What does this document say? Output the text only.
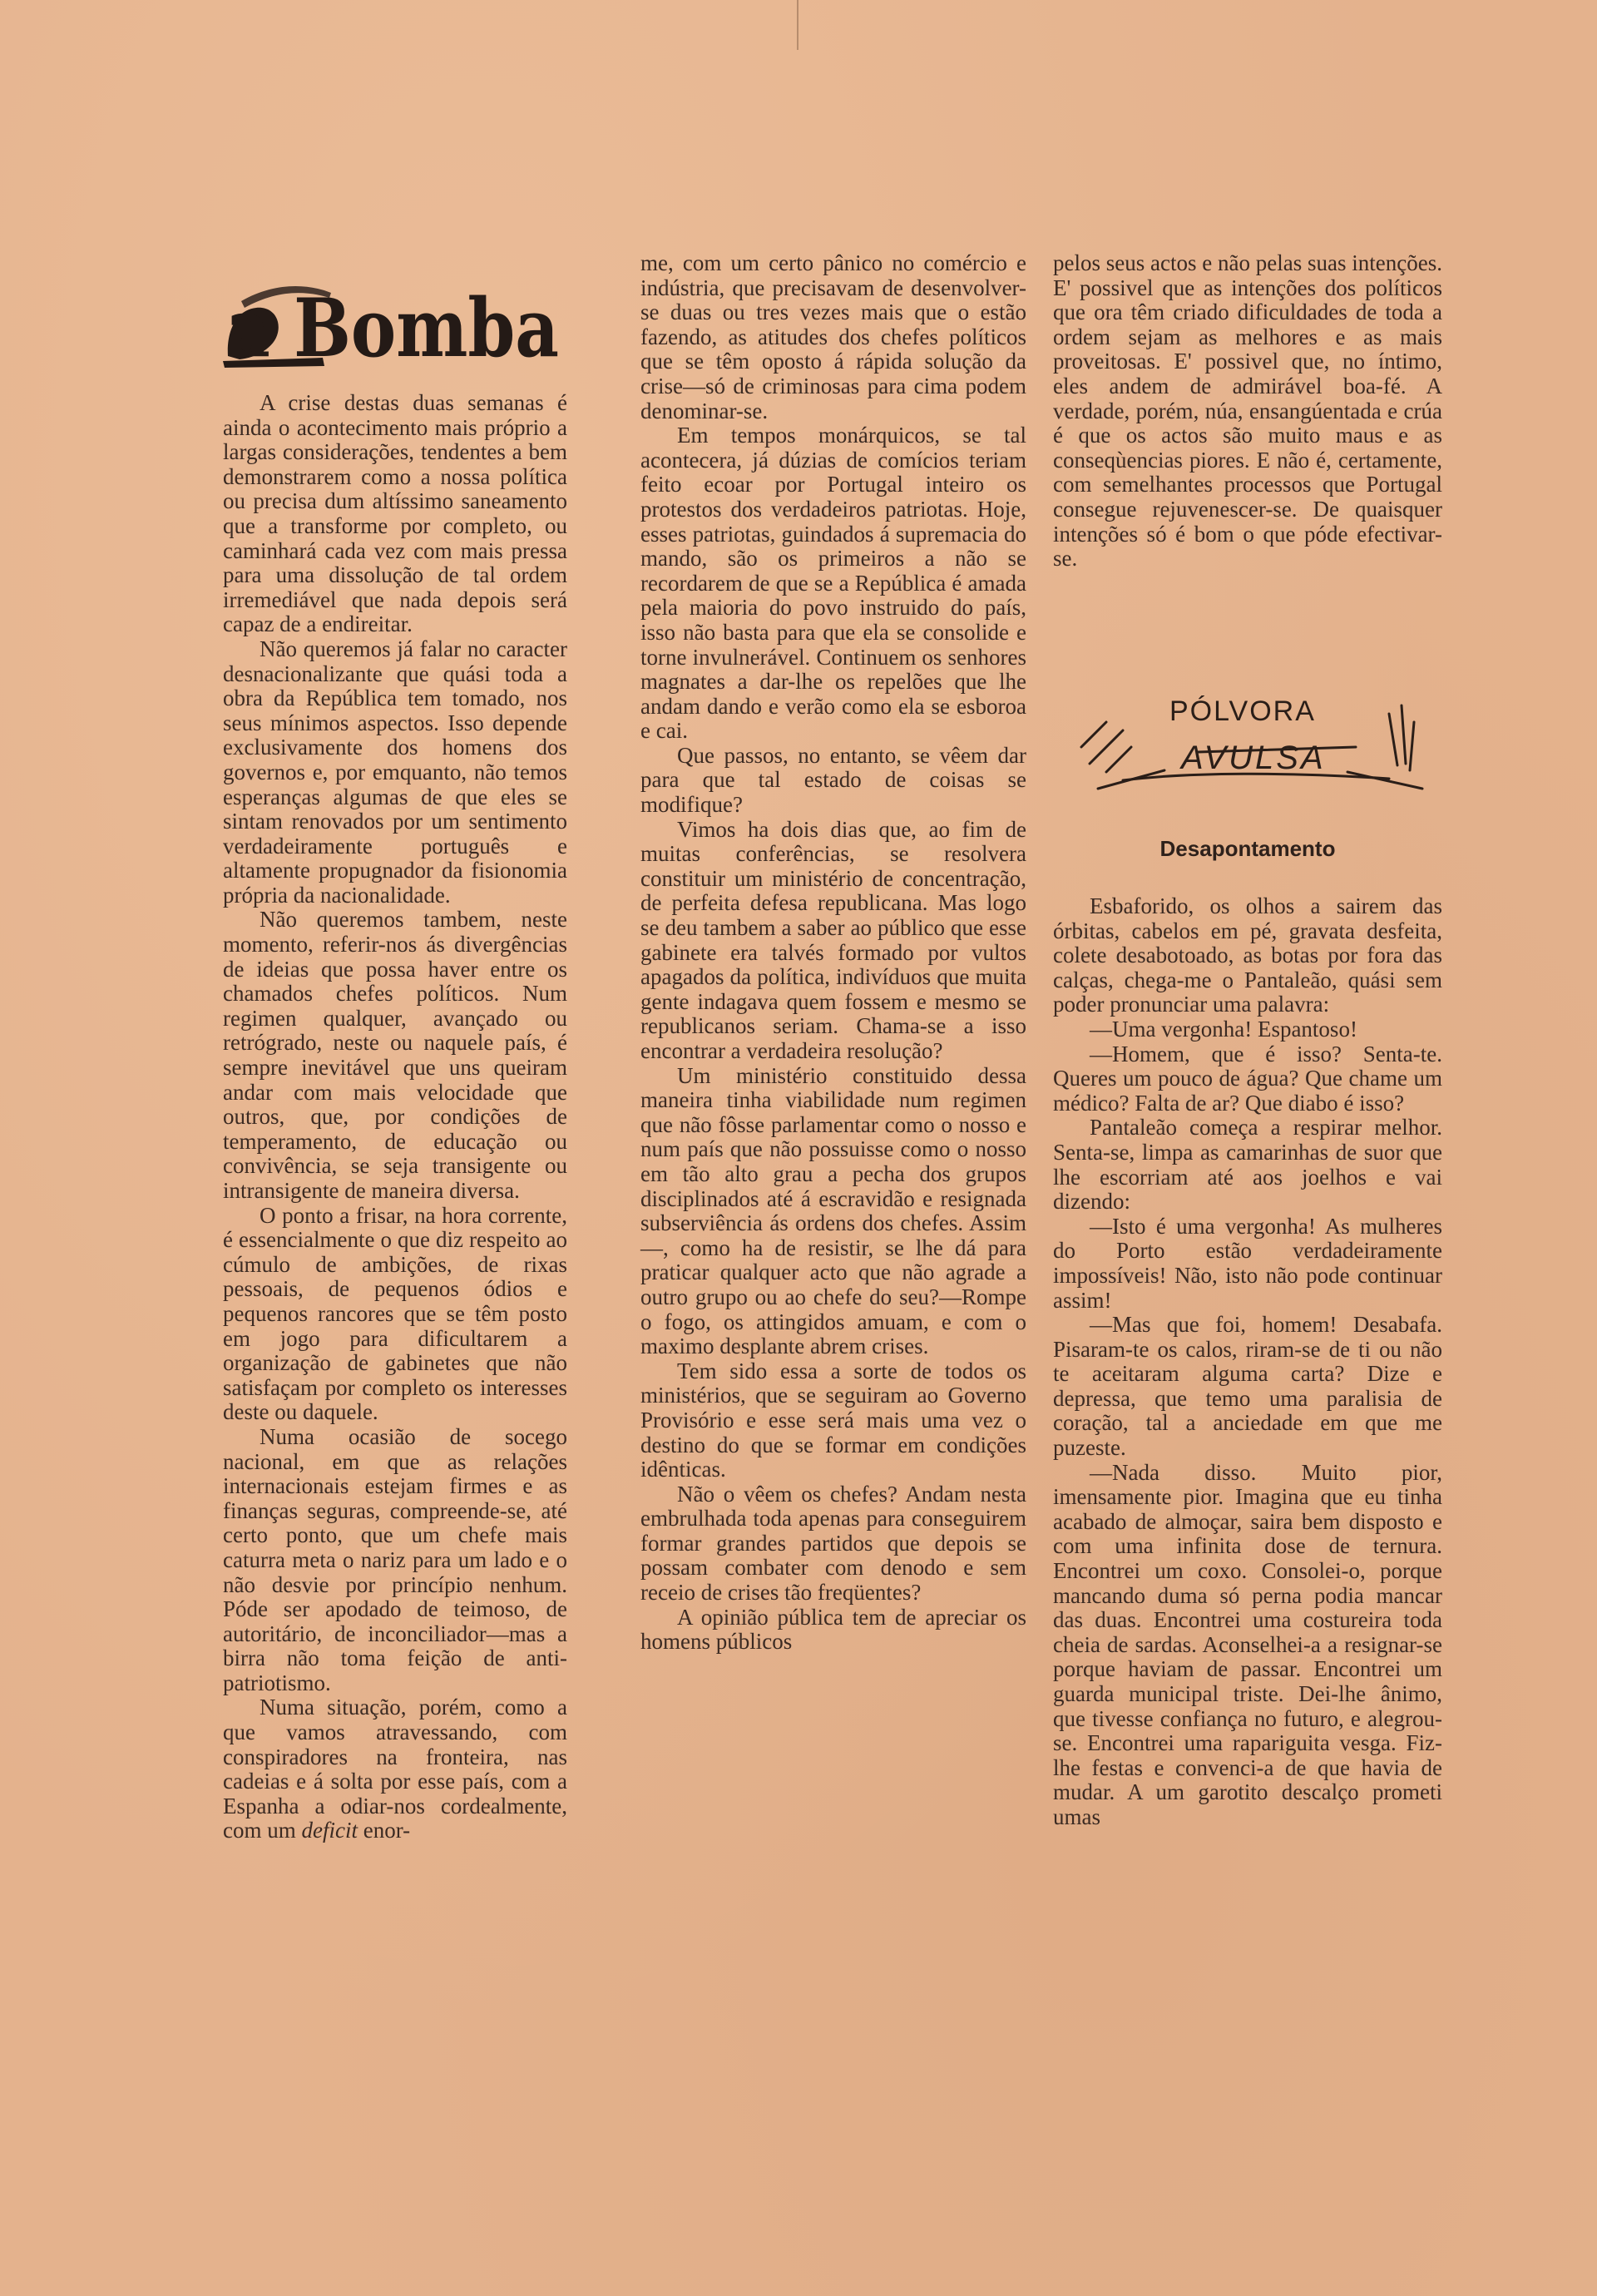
a Bomba

A crise destas duas semanas é ainda o acontecimento mais próprio a largas considerações, tendentes a bem demonstrarem como a nossa política ou precisa dum altíssimo saneamento que a transforme por completo, ou caminhará cada vez com mais pressa para uma dissolução de tal ordem irremediável que nada depois será capaz de a endireitar.

Não queremos já falar no caracter desnacionalizante que quási toda a obra da República tem tomado, nos seus mínimos aspectos. Isso depende exclusivamente dos homens dos governos e, por emquanto, não temos esperanças algumas de que eles se sintam renovados por um sentimento verdadeiramente português e altamente propugnador da fisionomia própria da nacionalidade.

Não queremos tambem, neste momento, referir-nos ás divergências de ideias que possa haver entre os chamados chefes políticos. Num regimen qualquer, avançado ou retrógrado, neste ou naquele país, é sempre inevitável que uns queiram andar com mais velocidade que outros, que, por condições de temperamento, de educação ou convivência, se seja transigente ou intransigente de maneira diversa.

O ponto a frisar, na hora corrente, é essencialmente o que diz respeito ao cúmulo de ambições, de rixas pessoais, de pequenos ódios e pequenos rancores que se têm posto em jogo para dificultarem a organização de gabinetes que não satisfaçam por completo os interesses deste ou daquele.

Numa ocasião de socego nacional, em que as relações internacionais estejam firmes e as finanças seguras, compreende-se, até certo ponto, que um chefe mais caturra meta o nariz para um lado e o não desvie por princípio nenhum. Póde ser apodado de teimoso, de autoritário, de inconciliador—mas a birra não toma feição de anti-patriotismo.

Numa situação, porém, como a que vamos atravessando, com conspiradores na fronteira, nas cadeias e á solta por esse país, com a Espanha a odiar-nos cordealmente, com um deficit enor-

me, com um certo pânico no comércio e indústria, que precisavam de desenvolver-se duas ou tres vezes mais que o estão fazendo, as atitudes dos chefes políticos que se têm oposto á rápida solução da crise—só de criminosas para cima podem denominar-se.

Em tempos monárquicos, se tal acontecera, já dúzias de comícios teriam feito ecoar por Portugal inteiro os protestos dos verdadeiros patriotas. Hoje, esses patriotas, guindados á supremacia do mando, são os primeiros a não se recordarem de que se a República é amada pela maioria do povo instruido do país, isso não basta para que ela se consolide e torne invulnerável. Continuem os senhores magnates a dar-lhe os repelões que lhe andam dando e verão como ela se esboroa e cai.

Que passos, no entanto, se vêem dar para que tal estado de coisas se modifique?

Vimos ha dois dias que, ao fim de muitas conferências, se resolvera constituir um ministério de concentração, de perfeita defesa republicana. Mas logo se deu tambem a saber ao público que esse gabinete era talvés formado por vultos apagados da política, indivíduos que muita gente indagava quem fossem e mesmo se republicanos seriam. Chama-se a isso encontrar a verdadeira resolução?

Um ministério constituido dessa maneira tinha viabilidade num regimen que não fôsse parlamentar como o nosso e num país que não possuisse como o nosso em tão alto grau a pecha dos grupos disciplinados até á escravidão e resignada subserviência ás ordens dos chefes. Assim—, como ha de resistir, se lhe dá para praticar qualquer acto que não agrade a outro grupo ou ao chefe do seu?—Rompe o fogo, os attingidos amuam, e com o maximo desplante abrem crises.

Tem sido essa a sorte de todos os ministérios, que se seguiram ao Governo Provisório e esse será mais uma vez o destino do que se formar em condições idênticas.

Não o vêem os chefes? Andam nesta embrulhada toda apenas para conseguirem formar grandes partidos que depois se possam combater com denodo e sem receio de crises tão freqüentes?

A opinião pública tem de apreciar os homens públicos

pelos seus actos e não pelas suas intenções. E' possivel que as intenções dos políticos que ora têm criado dificuldades de toda a ordem sejam as melhores e as mais proveitosas. E' possivel que, no íntimo, eles andem de admirável boa-fé. A verdade, porém, núa, ensangúentada e crúa é que os actos são muito maus e as conseqùencias piores. E não é, certamente, com semelhantes processos que Portugal consegue rejuvenescer-se. De quaisquer intenções só é bom o que póde efectivar-se.

PÓLVORA
AVULSA
Desapontamento

Esbaforido, os olhos a sairem das órbitas, cabelos em pé, gravata desfeita, colete desabotoado, as botas por fora das calças, chega-me o Pantaleão, quási sem poder pronunciar uma palavra:

—Uma vergonha! Espantoso!

—Homem, que é isso? Senta-te. Queres um pouco de água? Que chame um médico? Falta de ar? Que diabo é isso?

Pantaleão começa a respirar melhor. Senta-se, limpa as camarinhas de suor que lhe escorriam até aos joelhos e vai dizendo:

—Isto é uma vergonha! As mulheres do Porto estão verdadeiramente impossíveis! Não, isto não pode continuar assim!

—Mas que foi, homem! Desabafa. Pisaram-te os calos, riram-se de ti ou não te aceitaram alguma carta? Dize e depressa, que temo uma paralisia de coração, tal a anciedade em que me puzeste.

—Nada disso. Muito pior, imensamente pior. Imagina que eu tinha acabado de almoçar, saira bem disposto e com uma infinita dose de ternura. Encontrei um coxo. Consolei-o, porque mancando duma só perna podia mancar das duas. Encontrei uma costureira toda cheia de sardas. Aconselhei-a a resignar-se porque haviam de passar. Encontrei um guarda municipal triste. Dei-lhe ânimo, que tivesse confiança no futuro, e alegrou-se. Encontrei uma rapariguita vesga. Fiz-lhe festas e convenci-a de que havia de mudar. A um garotito descalço prometi umas
